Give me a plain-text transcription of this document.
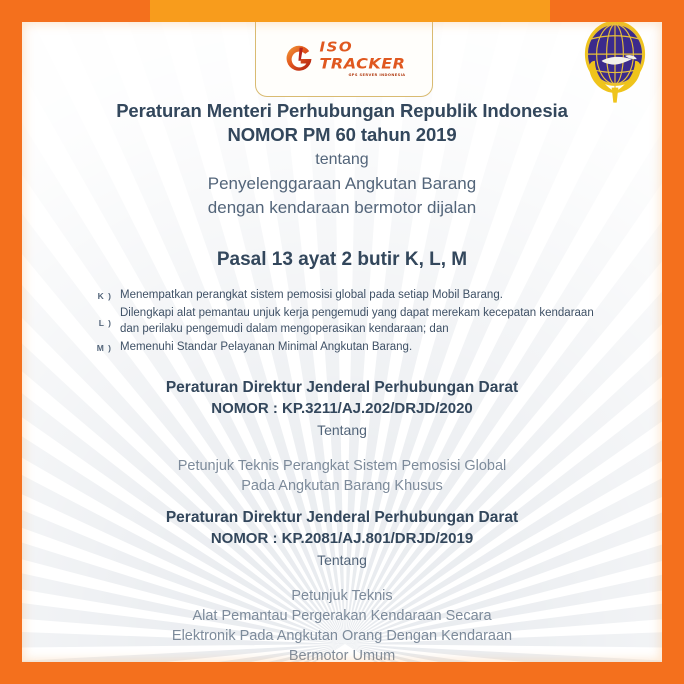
ISO
TRACKER
GPS SERVER INDONESIA
Peraturan Menteri Perhubungan Republik Indonesia
NOMOR PM 60 tahun 2019
tentang
Penyelenggaraan Angkutan Barang
dengan kendaraan bermotor dijalan
Pasal 13 ayat 2 butir K, L, M
K ) Menempatkan perangkat sistem pemosisi global pada setiap Mobil Barang.
L )
Dilengkapi alat pemantau unjuk kerja pengemudi yang dapat merekam kecepatan kendaraan dan perilaku pengemudi dalam mengoperasikan kendaraan; dan
M ) Memenuhi Standar Pelayanan Minimal Angkutan Barang.
Peraturan Direktur Jenderal Perhubungan Darat
NOMOR : KP.3211/AJ.202/DRJD/2020
Tentang
Petunjuk Teknis Perangkat Sistem Pemosisi Global
Pada Angkutan Barang Khusus
Peraturan Direktur Jenderal Perhubungan Darat
NOMOR : KP.2081/AJ.801/DRJD/2019
Tentang
Petunjuk Teknis
Alat Pemantau Pergerakan Kendaraan Secara
Elektronik Pada Angkutan Orang Dengan Kendaraan
Bermotor Umum
